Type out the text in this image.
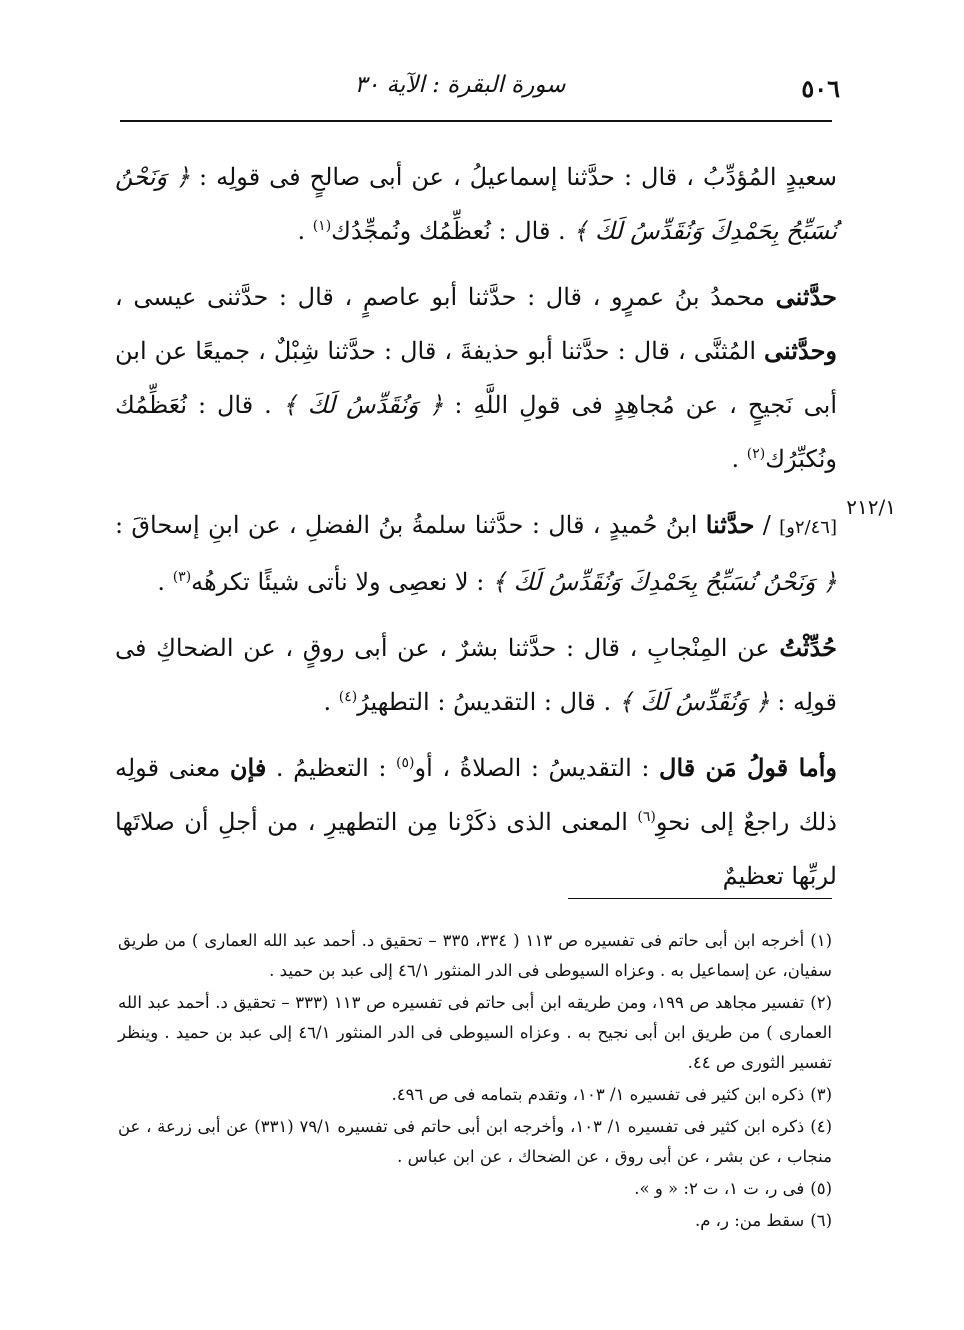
٥٠٦
سورة البقرة : الآية ٣٠
٢١٢/١

سعيدٍ المُؤدِّبُ ، قال : حدَّثنا إسماعيلُ ، عن أبى صالحٍ فى قولِه : ﴿ وَنَحْنُ نُسَبِّحُ بِحَمْدِكَ وَنُقَدِّسُ لَكَ ﴾ . قال : نُعظِّمُك ونُمجِّدُك$^{(١)}$ .

حدَّثنى محمدُ بنُ عمرٍو ، قال : حدَّثنا أبو عاصمٍ ، قال : حدَّثنى عيسى ، وحدَّثنى المُثنَّى ، قال : حدَّثنا أبو حذيفةَ ، قال : حدَّثنا شِبْلٌ ، جميعًا عن ابن أبى نَجيحٍ ، عن مُجاهِدٍ فى قولِ اللَّهِ : ﴿ وَنُقَدِّسُ لَكَ ﴾ . قال : نُعَظِّمُك ونُكبِّرُك$^{(٢)}$ .

[٢/٤٦و] / حدَّثنا ابنُ حُميدٍ ، قال : حدَّثنا سلمةُ بنُ الفضلِ ، عن ابنِ إسحاقَ : ﴿ وَنَحْنُ نُسَبِّحُ بِحَمْدِكَ وَنُقَدِّسُ لَكَ ﴾ : لا نعصِى ولا نأتى شيئًا تكرهُه$^{(٣)}$ .

حُدِّثْتُ عن المِنْجابِ ، قال : حدَّثنا بشرٌ ، عن أبى روقٍ ، عن الضحاكِ فى قولِه : ﴿ وَنُقَدِّسُ لَكَ ﴾ . قال : التقديسُ : التطهيرُ$^{(٤)}$ .

وأما قولُ مَن قال : التقديسُ : الصلاةُ ، أو$^{(٥)}$ : التعظيمُ . فإن معنى قولِه ذلك راجعٌ إلى نحوِ$^{(٦)}$ المعنى الذى ذكَرْنا مِن التطهيرِ ، من أجلِ أن صلاتَها لربِّها تعظيمٌ

(١)أخرجه ابن أبى حاتم فى تفسيره ص ١١٣ ( ٣٣٤، ٣٣٥ – تحقيق د. أحمد عبد الله العمارى ) من طريق سفيان، عن إسماعيل به . وعزاه السيوطى فى الدر المنثور ٤٦/١ إلى عبد بن حميد .

(٢)تفسير مجاهد ص ١٩٩، ومن طريقه ابن أبى حاتم فى تفسيره ص ١١٣ (٣٣٣ – تحقيق د. أحمد عبد الله العمارى ) من طريق ابن أبى نجيح به . وعزاه السيوطى فى الدر المنثور ٤٦/١ إلى عبد بن حميد . وينظر تفسير الثورى ص ٤٤.

(٣)ذكره ابن كثير فى تفسيره ١/ ١٠٣، وتقدم بتمامه فى ص ٤٩٦.

(٤)ذكره ابن كثير فى تفسيره ١/ ١٠٣، وأخرجه ابن أبى حاتم فى تفسيره ٧٩/١ (٣٣١) عن أبى زرعة ، عن منجاب ، عن بشر ، عن أبى روق ، عن الضحاك ، عن ابن عباس .

(٥)فى ر، ت ١، ت ٢: « و ».

(٦)سقط من: ر، م.
